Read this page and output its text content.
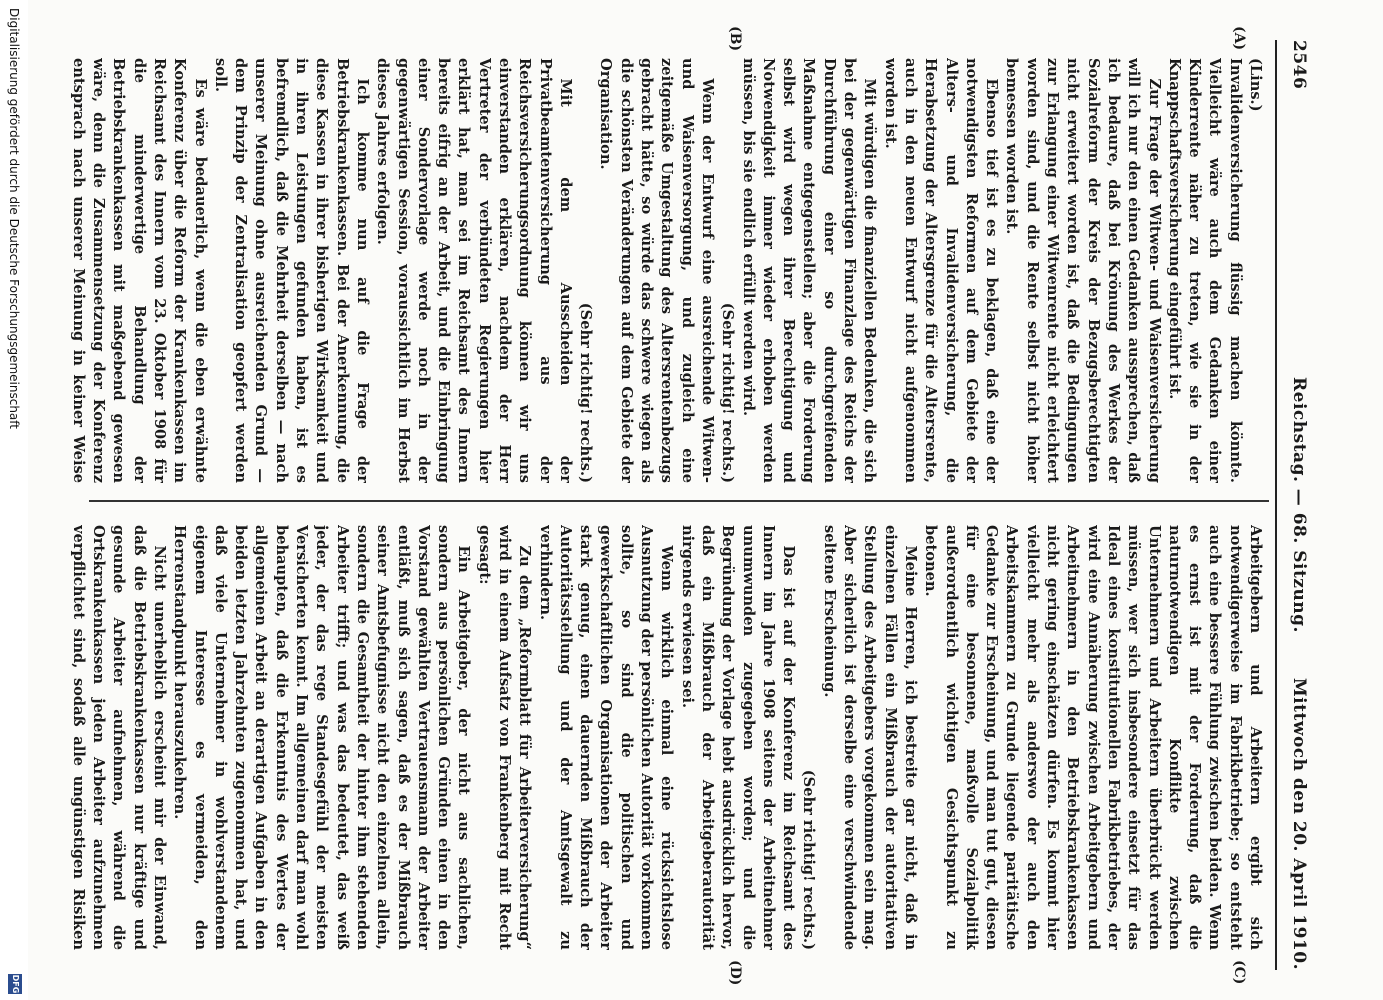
2546
Reichstag. — 68. Sitzung.
Mittwoch den 20. April 1910.
(A)
(B)
(C)
(D)

(Lins.)

Invalidenversicherung flüssig machen könnte. Vielleicht wäre auch dem Gedanken einer Kinderrente näher zu treten, wie sie in der Knappschaftsversicherung eingeführt ist.

Zur Frage der Witwen- und Waisenversicherung will ich nur den einen Gedanken aussprechen, daß ich bedaure, daß bei Krönung des Werkes der Sozialreform der Kreis der Bezugsberechtigten nicht erweitert worden ist, daß die Bedingungen zur Erlangung einer Witwenrente nicht erleichtert worden sind, und die Rente selbst nicht höher bemessen worden ist.

Ebenso tief ist es zu beklagen, daß eine der notwendigsten Reformen auf dem Gebiete der Alters- und Invalidenversicherung, die Herabsetzung der Altersgrenze für die Altersrente, auch in den neuen Entwurf nicht aufgenommen worden ist.

Mit würdigen die finanziellen Bedenken, die sich bei der gegenwärtigen Finanzlage des Reichs der Durchführung einer so durchgreifenden Maßnahme entgegenstellen; aber die Forderung selbst wird wegen ihrer Berechtigung und Notwendigkeit immer wieder erhoben werden müssen, bis sie endlich erfüllt werden wird.

(Sehr richtig! rechts.)

Wenn der Entwurf eine ausreichende Witwen- und Waisenversorgung, und zugleich eine zeitgemäße Umgestaltung des Altersrentenbezugs gebracht hätte, so würde das schwere wiegen als die schönsten Veränderungen auf dem Gebiete der Organisation.

(Sehr richtig! rechts.)

Mit dem Ausscheiden der Privatbeamtenversicherung aus der Reichsversicherungsordnung können wir uns einverstanden erklären, nachdem der Herr Vertreter der verbündeten Regierungen hier erklärt hat, man sei im Reichsamt des Innern bereits eifrig an der Arbeit, und die Einbringung einer Sondervorlage werde noch in der gegenwärtigen Session, voraussichtlich im Herbst dieses Jahres erfolgen.

Ich komme nun auf die Frage der Betriebskrankenkassen. Bei der Anerkennung, die diese Kassen in ihrer bisherigen Wirksamkeit und in ihren Leistungen gefunden haben, ist es befremdlich, daß die Mehrheit derselben — nach unserer Meinung ohne ausreichenden Grund — dem Prinzip der Zentralisation geopfert werden soll.

Es wäre bedauerlich, wenn die eben erwähnte Konferenz über die Reform der Krankenkassen im Reichsamt des Innern vom 23. Oktober 1908 für die minderwertige Behandlung der Betriebskrankenkassen mit maßgebend gewesen wäre, denn die Zusammensetzung der Konferenz entsprach nach unserer Meinung in keiner Weise

Arbeitgebern und Arbeitern ergibt sich notwendigerweise im Fabrikbetriebe; so entsteht auch eine bessere Fühlung zwischen beiden. Wenn es ernst ist mit der Forderung, daß die naturnotwendigen Konflikte zwischen Unternehmern und Arbeitern überbrückt werden müssen, wer sich insbesondere einsetzt für das Ideal eines konstitutionellen Fabrikbetriebes, der wird eine Annäherung zwischen Arbeitgebern und Arbeitnehmern in den Betriebskrankenkassen nicht gering einschätzen dürfen. Es kommt hier vielleicht mehr als anderswo der auch den Arbeitskammern zu Grunde liegende paritätische Gedanke zur Erscheinung, und man tut gut, diesen für eine besonnene, maßvolle Sozialpolitik außerordentlich wichtigen Gesichtspunkt zu betonen.

Meine Herren, ich bestreite gar nicht, daß in einzelnen Fällen ein Mißbrauch der autoritativen Stellung des Arbeitgebers vorgekommen sein mag. Aber sicherlich ist derselbe eine verschwindende seltene Erscheinung.

(Sehr richtig! rechts.)

Das ist auf der Konferenz im Reichsamt des Innern im Jahre 1908 seitens der Arbeitnehmer unumwunden zugegeben worden; und die Begründung der Vorlage hebt ausdrücklich hervor, daß ein Mißbrauch der Arbeitgeberautorität nirgends erwiesen sei.

Wenn wirklich einmal eine rücksichtslose Ausnutzung der persönlichen Autorität vorkommen sollte, so sind die politischen und gewerkschaftlichen Organisationen der Arbeiter stark genug, einen dauernden Mißbrauch der Autoritätsstellung und der Amtsgewalt zu verhindern.

Zu dem „Reformblatt für Arbeiterversicherung“ wird in einem Aufsatz von Frankenberg mit Recht gesagt:

Ein Arbeitgeber, der nicht aus sachlichen, sondern aus persönlichen Gründen einen in den Vorstand gewählten Vertrauensmann der Arbeiter entläßt, muß sich sagen, daß es der Mißbrauch seiner Amtsbefugnisse nicht den einzelnen allein, sondern die Gesamtheit der hinter ihm stehenden Arbeiter trifft; und was das bedeutet, das weiß jeder, der das rege Standesgefühl der meisten Versicherten kennt. Im allgemeinen darf man wohl behaupten, daß die Erkenntnis des Wertes der allgemeinen Arbeit an derartigen Aufgaben in den beiden letzten Jahrzehnten zugenommen hat, und daß viele Unternehmer in wohlverstandenem eigenem Interesse es vermeiden, den Herrenstandpunkt herauszukehren.

Nicht unerheblich erscheint mir der Einwand, daß die Betriebskrankenkassen nur kräftige und gesunde Arbeiter aufnehmen, während die Ortskrankenkassen jeden Arbeiter aufzunehmen verpflichtet sind, sodaß alle ungünstigen Risiken

Digitalisierung gefördert durch die Deutsche Forschungsgemeinschaft
DFG
